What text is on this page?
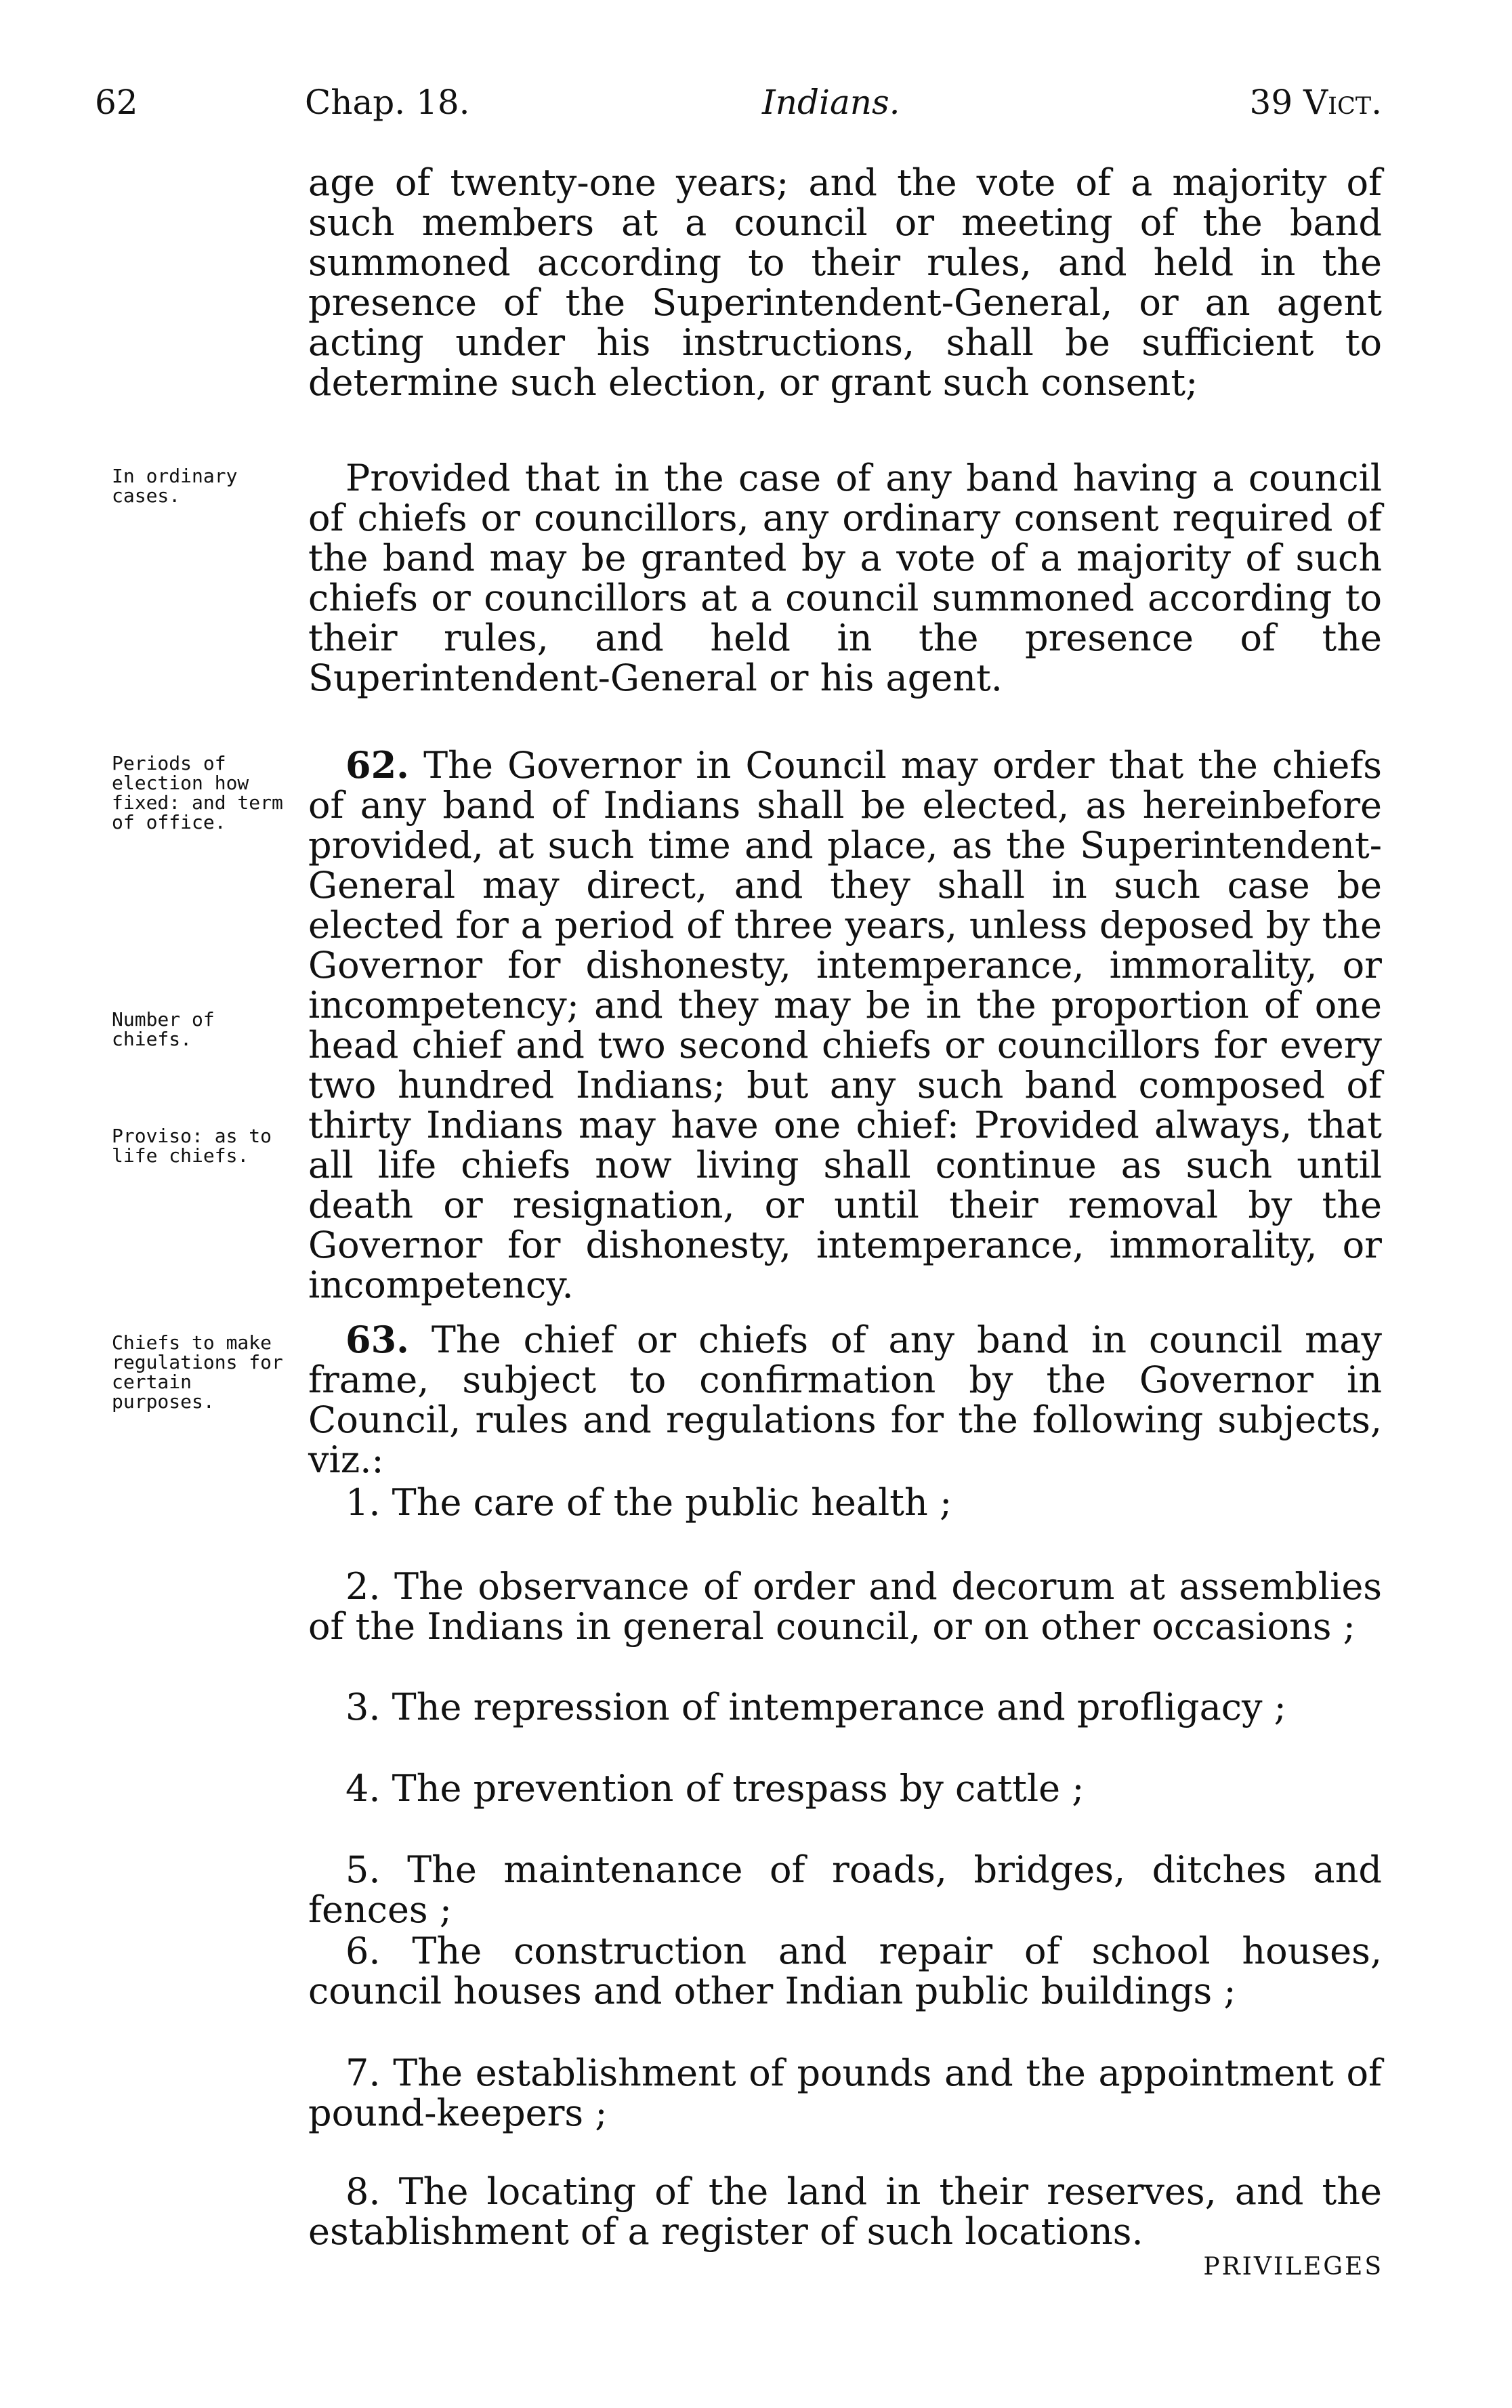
62	Chap. 18.	Indians.	39 Vict.

age of twenty-one years; and the vote of a majority of such members at a council or meeting of the band summoned according to their rules, and held in the presence of the Superintendent-General, or an agent acting under his instructions, shall be sufficient to determine such election, or grant such consent;

In ordinary cases.	Provided that in the case of any band having a council of chiefs or councillors, any ordinary consent required of the band may be granted by a vote of a majority of such chiefs or councillors at a council summoned according to their rules, and held in the presence of the Superintendent-General or his agent.

Periods of election how fixed: and term of office.

Number of chiefs.

Proviso: as to life chiefs.

62. The Governor in Council may order that the chiefs of any band of Indians shall be elected, as hereinbefore provided, at such time and place, as the Superintendent-General may direct, and they shall in such case be elected for a period of three years, unless deposed by the Governor for dishonesty, intemperance, immorality, or incompetency; and they may be in the proportion of one head chief and two second chiefs or councillors for every two hundred Indians; but any such band composed of thirty Indians may have one chief: Provided always, that all life chiefs now living shall continue as such until death or resignation, or until their removal by the Governor for dishonesty, intemperance, immorality, or incompetency.

Chiefs to make regulations for certain purposes.

63. The chief or chiefs of any band in council may frame, subject to confirmation by the Governor in Council, rules and regulations for the following subjects, viz.:

1. The care of the public health ;

2. The observance of order and decorum at assemblies of the Indians in general council, or on other occasions ;

3. The repression of intemperance and profligacy ;

4. The prevention of trespass by cattle ;

5. The maintenance of roads, bridges, ditches and fences ;

6. The construction and repair of school houses, council houses and other Indian public buildings ;

7. The establishment of pounds and the appointment of pound-keepers ;

8. The locating of the land in their reserves, and the establishment of a register of such locations.

PRIVILEGES
